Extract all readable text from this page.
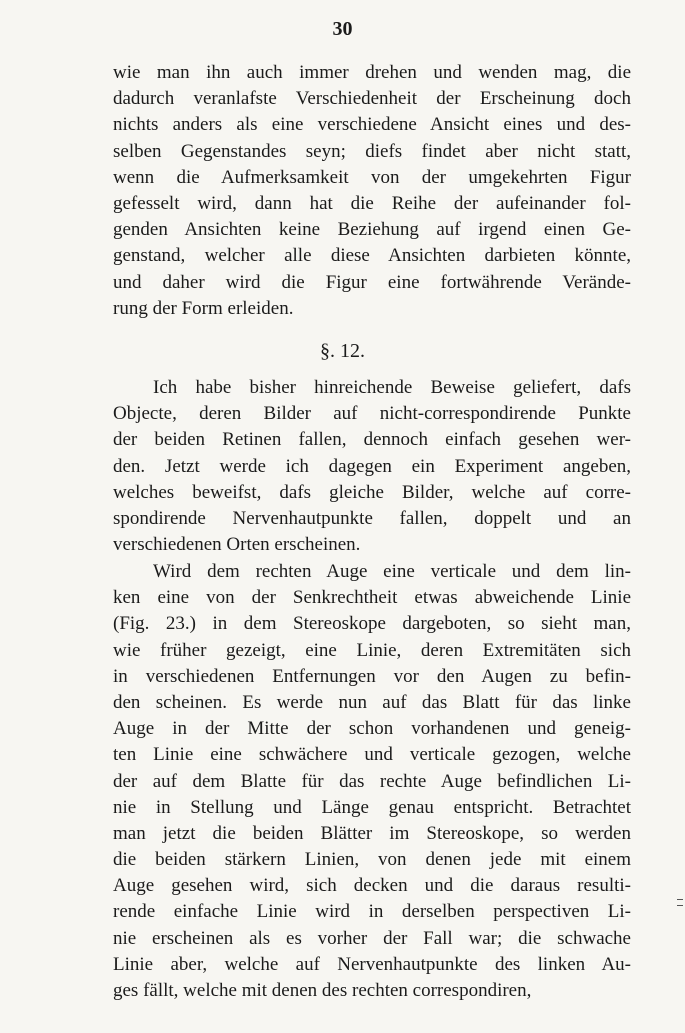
30
wie man ihn auch immer drehen und wenden mag, die
dadurch veranlafste Verschiedenheit der Erscheinung doch
nichts anders als eine verschiedene Ansicht eines und des-
selben Gegenstandes seyn; diefs findet aber nicht statt,
wenn die Aufmerksamkeit von der umgekehrten Figur
gefesselt wird, dann hat die Reihe der aufeinander fol-
genden Ansichten keine Beziehung auf irgend einen Ge-
genstand, welcher alle diese Ansichten darbieten könnte,
und daher wird die Figur eine fortwährende Verände-
rung der Form erleiden.
§. 12.
Ich habe bisher hinreichende Beweise geliefert, dafs
Objecte, deren Bilder auf nicht-correspondirende Punkte
der beiden Retinen fallen, dennoch einfach gesehen wer-
den. Jetzt werde ich dagegen ein Experiment angeben,
welches beweifst, dafs gleiche Bilder, welche auf corre-
spondirende Nervenhautpunkte fallen, doppelt und an
verschiedenen Orten erscheinen.
Wird dem rechten Auge eine verticale und dem lin-
ken eine von der Senkrechtheit etwas abweichende Linie
(Fig. 23.) in dem Stereoskope dargeboten, so sieht man,
wie früher gezeigt, eine Linie, deren Extremitäten sich
in verschiedenen Entfernungen vor den Augen zu befin-
den scheinen. Es werde nun auf das Blatt für das linke
Auge in der Mitte der schon vorhandenen und geneig-
ten Linie eine schwächere und verticale gezogen, welche
der auf dem Blatte für das rechte Auge befindlichen Li-
nie in Stellung und Länge genau entspricht. Betrachtet
man jetzt die beiden Blätter im Stereoskope, so werden
die beiden stärkern Linien, von denen jede mit einem
Auge gesehen wird, sich decken und die daraus resulti-
rende einfache Linie wird in derselben perspectiven Li-
nie erscheinen als es vorher der Fall war; die schwache
Linie aber, welche auf Nervenhautpunkte des linken Au-
ges fällt, welche mit denen des rechten correspondiren,
